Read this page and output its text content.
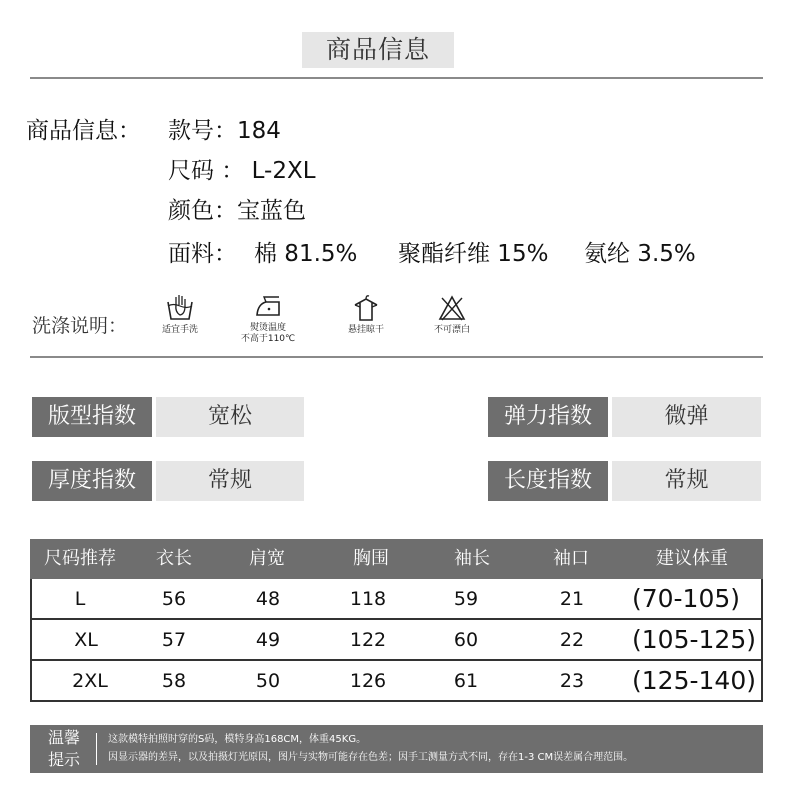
商品信息
商品信息： 款号：184
尺码 ： L-2XL
颜色：宝蓝色
面料： 棉 81.5% 聚酯纤维 15% 氨纶 3.5%
洗涤说明：	适宜手洗	熨烫温度
不高于110℃
悬挂晾干	不可漂白
版型指数	宽松	弹力指数	微弹
厚度指数	常规	长度指数	常规
尺码推荐 衣长	肩宽	胸围	袖长	袖口	建议体重
L	56	48	118	59	21 (70-105)
XL	57	49	122	60	22 (105-125)
2XL	58	50	126	61	23 (125-140)
温馨
提示
这款模特拍照时穿的S码，模特身高168CM，体重45KG。
因显示器的差异，以及拍摄灯光原因，图片与实物可能存在色差；因手工测量方式不同，存在1-3 CM误差属合理范围。
